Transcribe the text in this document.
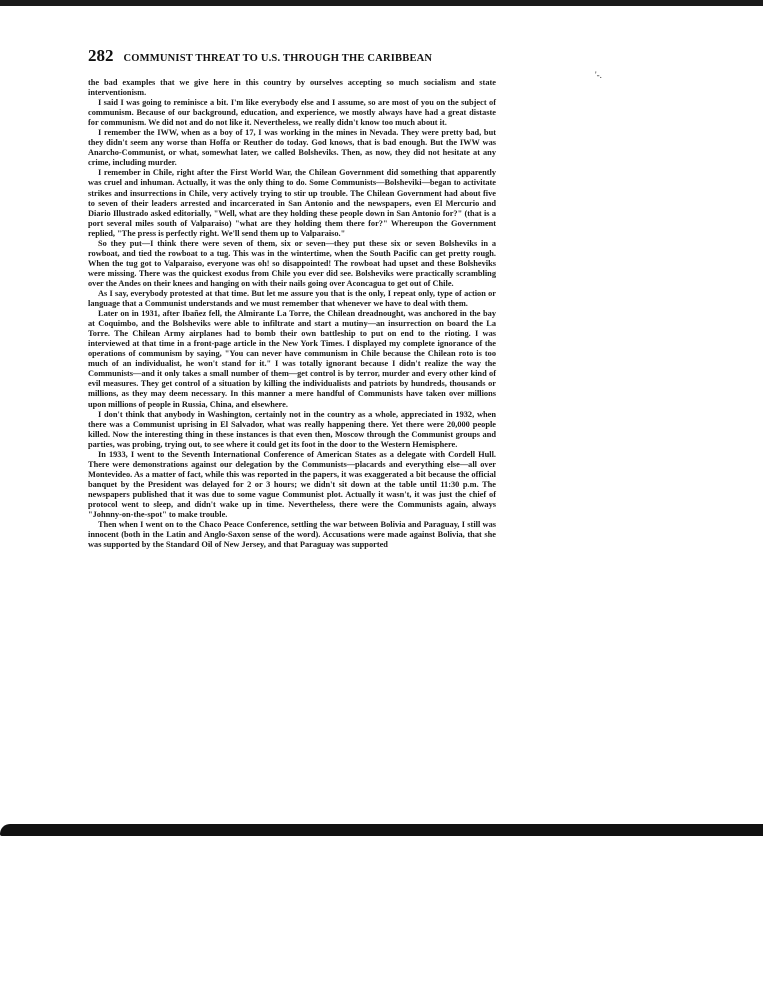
'-.
282 COMMUNIST THREAT TO U.S. THROUGH THE CARIBBEAN

the bad examples that we give here in this country by ourselves accepting so much socialism and state interventionism.

I said I was going to reminisce a bit. I'm like everybody else and I assume, so are most of you on the subject of communism. Because of our background, education, and experience, we mostly always have had a great distaste for communism. We did not and do not like it. Nevertheless, we really didn't know too much about it.

I remember the IWW, when as a boy of 17, I was working in the mines in Nevada. They were pretty bad, but they didn't seem any worse than Hoffa or Reuther do today. God knows, that is bad enough. But the IWW was Anarcho-Communist, or what, somewhat later, we called Bolsheviks. Then, as now, they did not hesitate at any crime, including murder.

I remember in Chile, right after the First World War, the Chilean Government did something that apparently was cruel and inhuman. Actually, it was the only thing to do. Some Communists—Bolsheviki—began to activitate strikes and insurrections in Chile, very actively trying to stir up trouble. The Chilean Government had about five to seven of their leaders arrested and incarcerated in San Antonio and the newspapers, even El Mercurio and Diario Illustrado asked editorially, "Well, what are they holding these people down in San Antonio for?" (that is a port several miles south of Valparaiso) "what are they holding them there for?" Whereupon the Government replied, "The press is perfectly right. We'll send them up to Valparaiso."

So they put—I think there were seven of them, six or seven—they put these six or seven Bolsheviks in a rowboat, and tied the rowboat to a tug. This was in the wintertime, when the South Pacific can get pretty rough. When the tug got to Valparaiso, everyone was oh! so disappointed! The rowboat had upset and these Bolsheviks were missing. There was the quickest exodus from Chile you ever did see. Bolsheviks were practically scrambling over the Andes on their knees and hanging on with their nails going over Aconcagua to get out of Chile.

As I say, everybody protested at that time. But let me assure you that is the only, I repeat only, type of action or language that a Communist understands and we must remember that whenever we have to deal with them.

Later on in 1931, after Ibañez fell, the Almirante La Torre, the Chilean dreadnought, was anchored in the bay at Coquimbo, and the Bolsheviks were able to infiltrate and start a mutiny—an insurrection on board the La Torre. The Chilean Army airplanes had to bomb their own battleship to put on end to the rioting. I was interviewed at that time in a front-page article in the New York Times. I displayed my complete ignorance of the operations of communism by saying, "You can never have communism in Chile because the Chilean roto is too much of an individualist, he won't stand for it." I was totally ignorant because I didn't realize the way the Communists—and it only takes a small number of them—get control is by terror, murder and every other kind of evil measures. They get control of a situation by killing the individualists and patriots by hundreds, thousands or millions, as they may deem necessary. In this manner a mere handful of Communists have taken over millions upon millions of people in Russia, China, and elsewhere.

I don't think that anybody in Washington, certainly not in the country as a whole, appreciated in 1932, when there was a Communist uprising in El Salvador, what was really happening there. Yet there were 20,000 people killed. Now the interesting thing in these instances is that even then, Moscow through the Communist groups and parties, was probing, trying out, to see where it could get its foot in the door to the Western Hemisphere.

In 1933, I went to the Seventh International Conference of American States as a delegate with Cordell Hull. There were demonstrations against our delegation by the Communists—placards and everything else—all over Montevideo. As a matter of fact, while this was reported in the papers, it was exaggerated a bit because the official banquet by the President was delayed for 2 or 3 hours; we didn't sit down at the table until 11:30 p.m. The newspapers published that it was due to some vague Communist plot. Actually it wasn't, it was just the chief of protocol went to sleep, and didn't wake up in time. Nevertheless, there were the Communists again, always "Johnny-on-the-spot" to make trouble.

Then when I went on to the Chaco Peace Conference, settling the war between Bolivia and Paraguay, I still was innocent (both in the Latin and Anglo-Saxon sense of the word). Accusations were made against Bolivia, that she was supported by the Standard Oil of New Jersey, and that Paraguay was supported
